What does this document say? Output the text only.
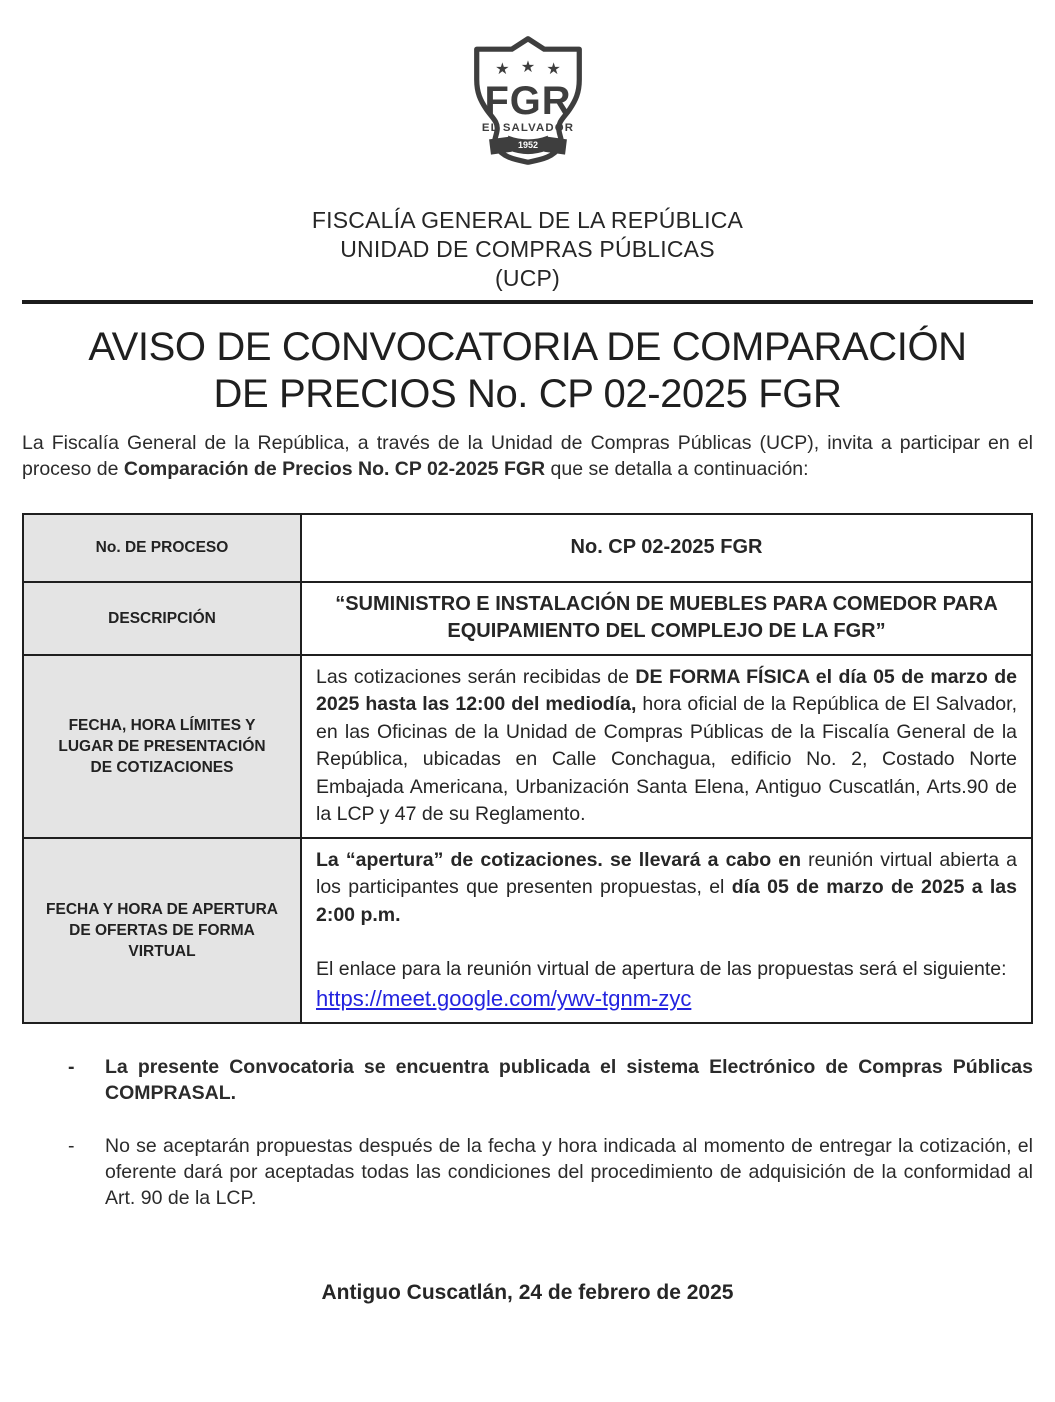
★ ★ ★
FGR
EL SALVADOR
1952
FISCALÍA GENERAL DE LA REPÚBLICA
UNIDAD DE COMPRAS PÚBLICAS
(UCP)
AVISO DE CONVOCATORIA DE COMPARACIÓN DE PRECIOS No. CP 02-2025 FGR

La Fiscalía General de la República, a través de la Unidad de Compras Públicas (UCP), invita a participar en el proceso de Comparación de Precios No. CP 02-2025 FGR que se detalla a continuación:

No. DE PROCESO	No. CP 02-2025 FGR
DESCRIPCIÓN	“SUMINISTRO E INSTALACIÓN DE MUEBLES PARA COMEDOR PARA EQUIPAMIENTO DEL COMPLEJO DE LA FGR”
FECHA, HORA LÍMITES Y LUGAR DE PRESENTACIÓN DE COTIZACIONES	Las cotizaciones serán recibidas de DE FORMA FÍSICA el día 05 de marzo de 2025 hasta las 12:00 del mediodía, hora oficial de la República de El Salvador, en las Oficinas de la Unidad de Compras Públicas de la Fiscalía General de la República, ubicadas en Calle Conchagua, edificio No. 2, Costado Norte Embajada Americana, Urbanización Santa Elena, Antiguo Cuscatlán, Arts.90 de la LCP y 47 de su Reglamento.
FECHA Y HORA DE APERTURA DE OFERTAS DE FORMA VIRTUAL	La “apertura” de cotizaciones. se llevará a cabo en reunión virtual abierta a los participantes que presenten propuestas, el día 05 de marzo de 2025 a las 2:00 p.m.
El enlace para la reunión virtual de apertura de las propuestas será el siguiente:
https://meet.google.com/ywv-tgnm-zyc
-	La presente Convocatoria se encuentra publicada el sistema Electrónico de Compras Públicas COMPRASAL.
-	No se aceptarán propuestas después de la fecha y hora indicada al momento de entregar la cotización, el oferente dará por aceptadas todas las condiciones del procedimiento de adquisición de la conformidad al Art. 90 de la LCP.
Antiguo Cuscatlán, 24 de febrero de 2025
